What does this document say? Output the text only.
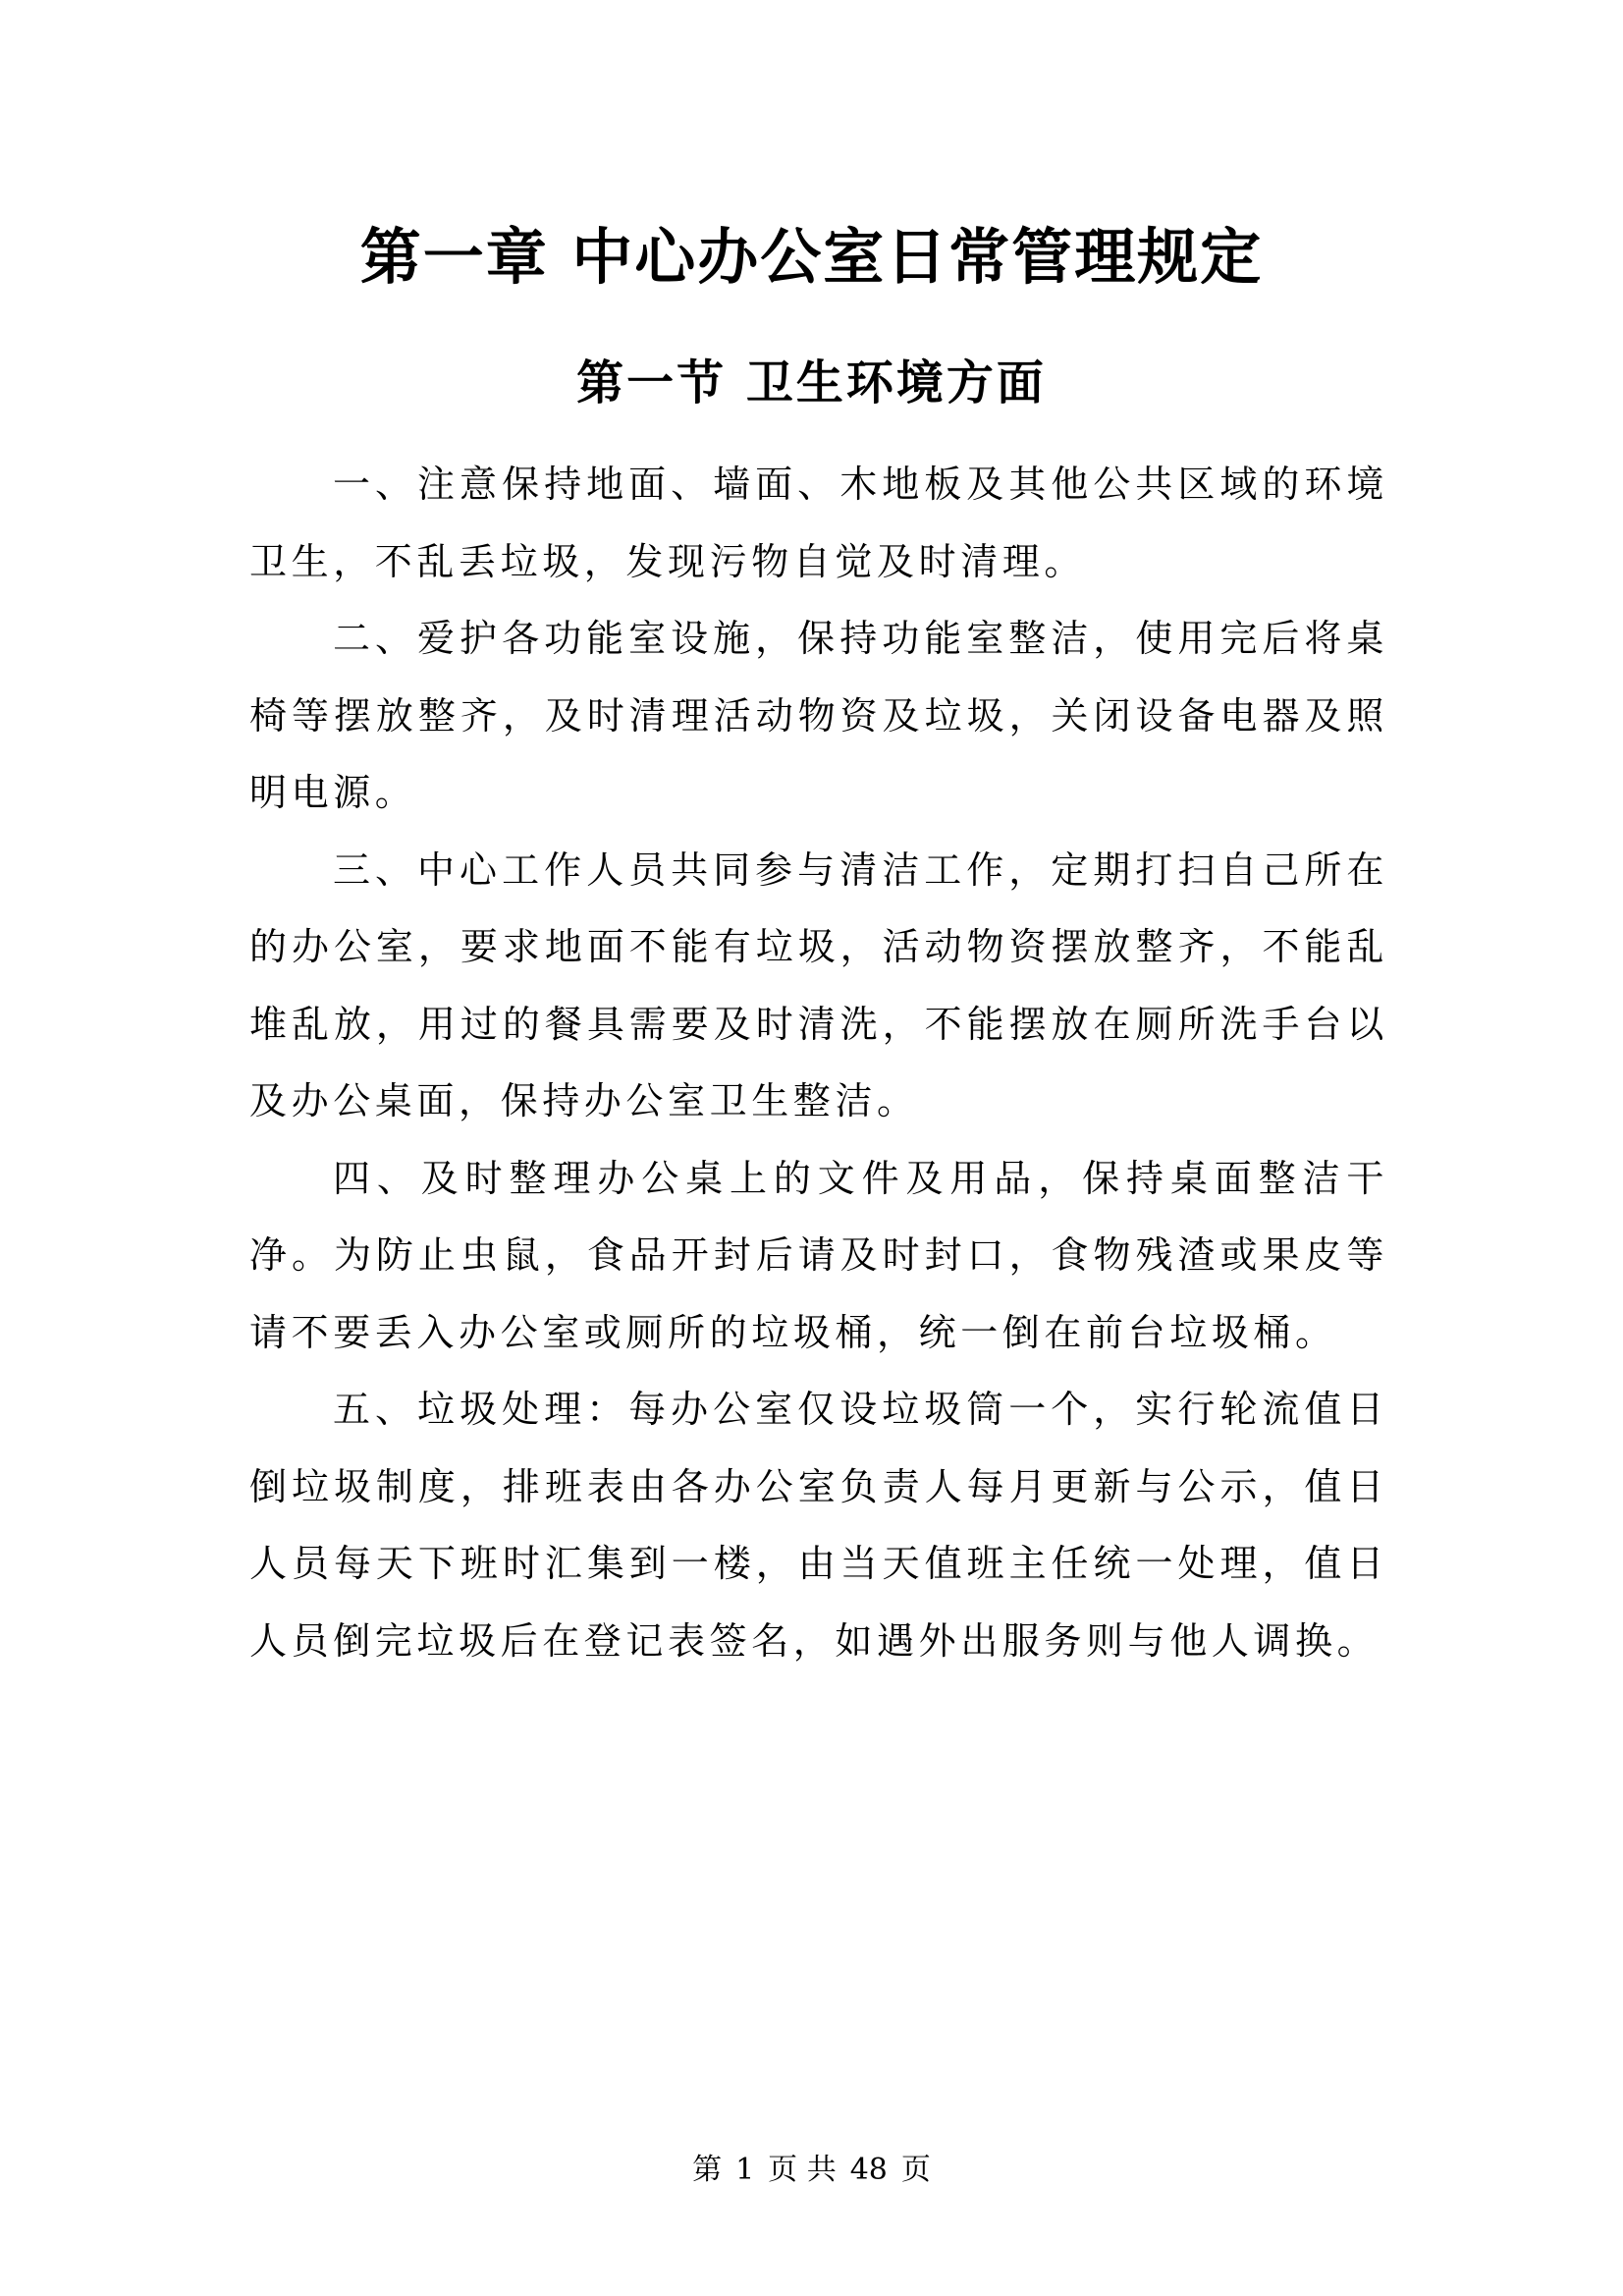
第一章 中心办公室日常管理规定
第一节 卫生环境方面

一、注意保持地面、墙面、木地板及其他公共区域的环境卫生，不乱丢垃圾，发现污物自觉及时清理。

二、爱护各功能室设施，保持功能室整洁，使用完后将桌椅等摆放整齐，及时清理活动物资及垃圾，关闭设备电器及照明电源。

三、中心工作人员共同参与清洁工作，定期打扫自己所在的办公室，要求地面不能有垃圾，活动物资摆放整齐，不能乱堆乱放，用过的餐具需要及时清洗，不能摆放在厕所洗手台以及办公桌面，保持办公室卫生整洁。

四、及时整理办公桌上的文件及用品，保持桌面整洁干净。为防止虫鼠，食品开封后请及时封口，食物残渣或果皮等请不要丢入办公室或厕所的垃圾桶，统一倒在前台垃圾桶。

五、垃圾处理：每办公室仅设垃圾筒一个，实行轮流值日倒垃圾制度，排班表由各办公室负责人每月更新与公示，值日人员每天下班时汇集到一楼，由当天值班主任统一处理，值日人员倒完垃圾后在登记表签名，如遇外出服务则与他人调换。

第 1 页 共 48 页
